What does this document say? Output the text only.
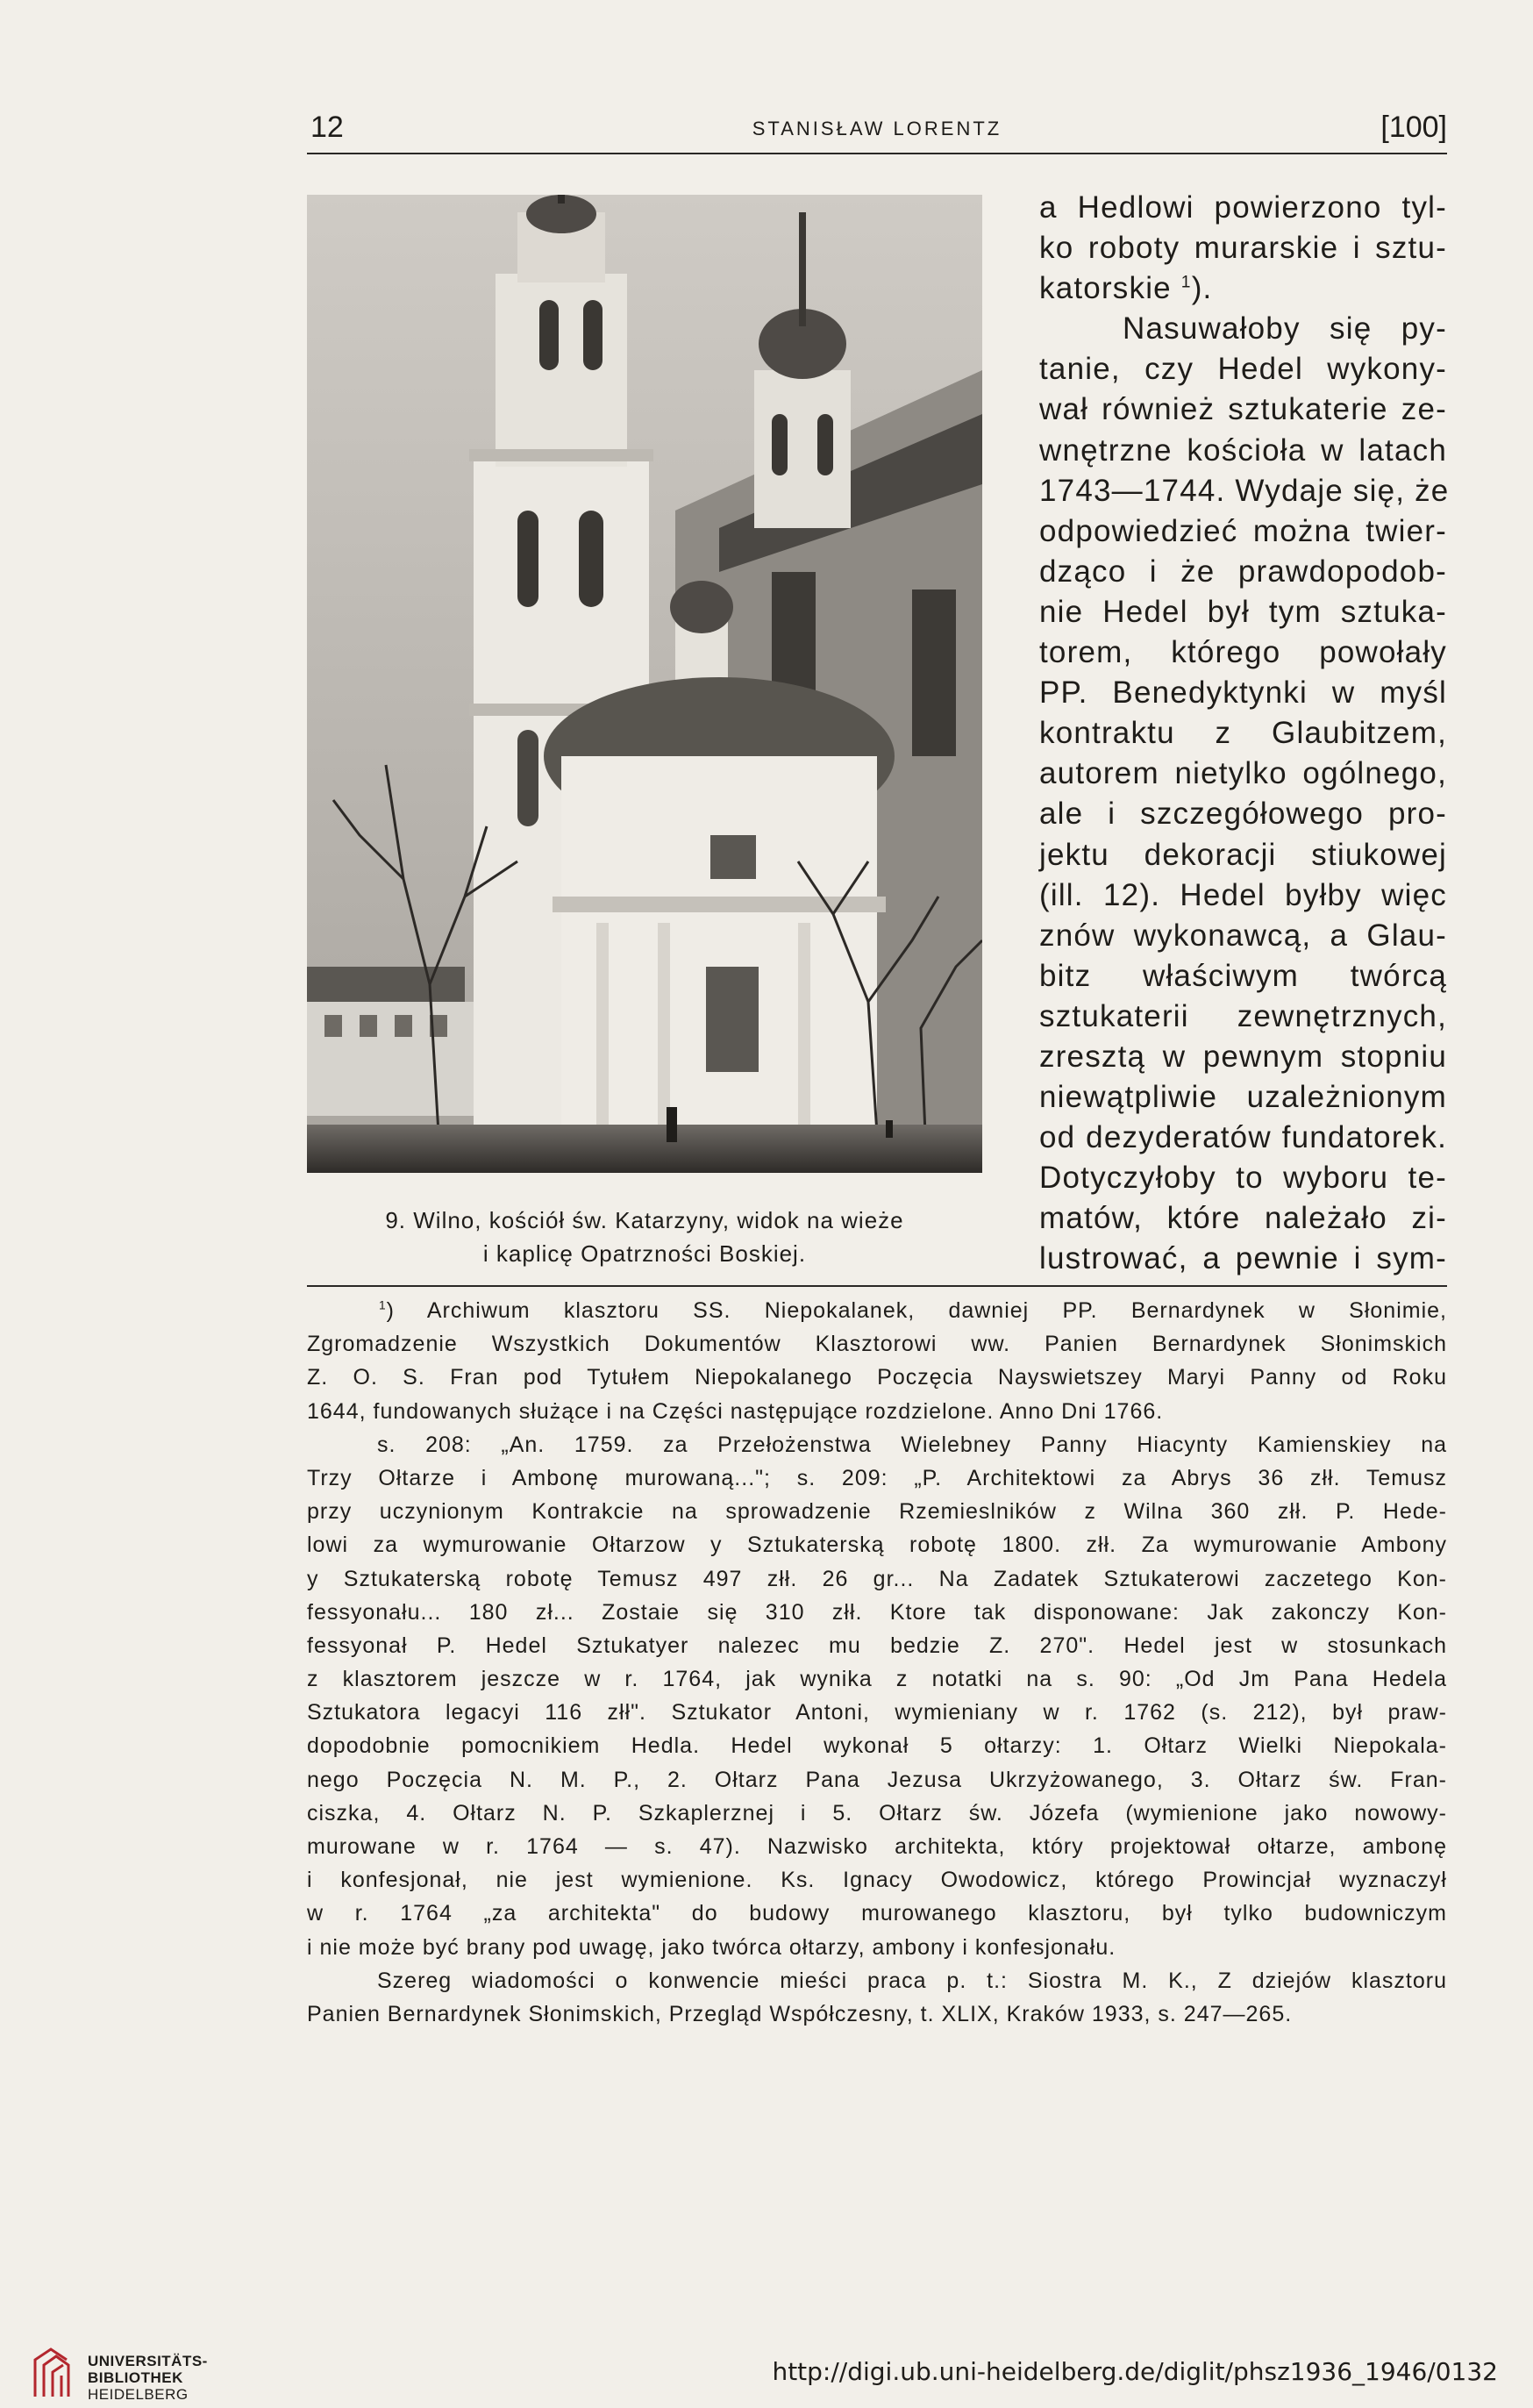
12	STANISŁAW LORENTZ	[100]
9. Wilno, kościół św. Katarzyny, widok na wieże
i kaplicę Opatrzności Boskiej.
a Hedlowi powierzono tyl-
ko roboty murarskie i sztu-
katorskie $^1$).
Nasuwałoby się py-
tanie, czy Hedel wykony-
wał również sztukaterie ze-
wnętrzne kościoła w latach
1743—1744. Wydaje się, że
odpowiedzieć można twier-
dząco i że prawdopodob-
nie Hedel był tym sztuka-
torem, którego powołały
PP. Benedyktynki w myśl
kontraktu z Glaubitzem,
autorem nietylko ogólnego,
ale i szczegółowego pro-
jektu dekoracji stiukowej
(ill. 12). Hedel byłby więc
znów wykonawcą, a Glau-
bitz właściwym twórcą
sztukaterii zewnętrznych,
zresztą w pewnym stopniu
niewątpliwie uzależnionym
od dezyderatów fundatorek.
Dotyczyłoby to wyboru te-
matów, które należało zi-
lustrować, a pewnie i sym-
$^1$) Archiwum klasztoru SS. Niepokalanek, dawniej PP. Bernardynek w Słonimie,
Zgromadzenie Wszystkich Dokumentów Klasztorowi ww. Panien Bernardynek Słonimskich
Z. O. S. Fran pod Tytułem Niepokalanego Poczęcia Nayswietszey Maryi Panny od Roku
1644, fundowanych służące i na Części następujące rozdzielone. Anno Dni 1766.
s. 208: „An. 1759. za Przełożenstwa Wielebney Panny Hiacynty Kamienskiey na
Trzy Ołtarze i Ambonę murowaną..."; s. 209: „P. Architektowi za Abrys 36 złł. Temusz
przy uczynionym Kontrakcie na sprowadzenie Rzemieslników z Wilna 360 złł. P. Hede-
lowi za wymurowanie Ołtarzow y Sztukaterską robotę 1800. złł. Za wymurowanie Ambony
y Sztukaterską robotę Temusz 497 złł. 26 gr... Na Zadatek Sztukaterowi zaczetego Kon-
fessyonału... 180 zł... Zostaie się 310 złł. Ktore tak disponowane: Jak zakonczy Kon-
fessyonał P. Hedel Sztukatyer nalezec mu bedzie Z. 270". Hedel jest w stosunkach
z klasztorem jeszcze w r. 1764, jak wynika z notatki na s. 90: „Od Jm Pana Hedela
Sztukatora legacyi 116 złł". Sztukator Antoni, wymieniany w r. 1762 (s. 212), był praw-
dopodobnie pomocnikiem Hedla. Hedel wykonał 5 ołtarzy: 1. Ołtarz Wielki Niepokala-
nego Poczęcia N. M. P., 2. Ołtarz Pana Jezusa Ukrzyżowanego, 3. Ołtarz św. Fran-
ciszka, 4. Ołtarz N. P. Szkaplerznej i 5. Ołtarz św. Józefa (wymienione jako nowowy-
murowane w r. 1764 — s. 47). Nazwisko architekta, który projektował ołtarze, ambonę
i konfesjonał, nie jest wymienione. Ks. Ignacy Owodowicz, którego Prowincjał wyznaczył
w r. 1764 „za architekta" do budowy murowanego klasztoru, był tylko budowniczym
i nie może być brany pod uwagę, jako twórca ołtarzy, ambony i konfesjonału.
Szereg wiadomości o konwencie mieści praca p. t.: Siostra M. K., Z dziejów klasztoru
Panien Bernardynek Słonimskich, Przegląd Współczesny, t. XLIX, Kraków 1933, s. 247—265.
UNIVERSITÄTS-
BIBLIOTHEK
HEIDELBERG
http://digi.ub.uni-heidelberg.de/diglit/phsz1936_1946/0132
